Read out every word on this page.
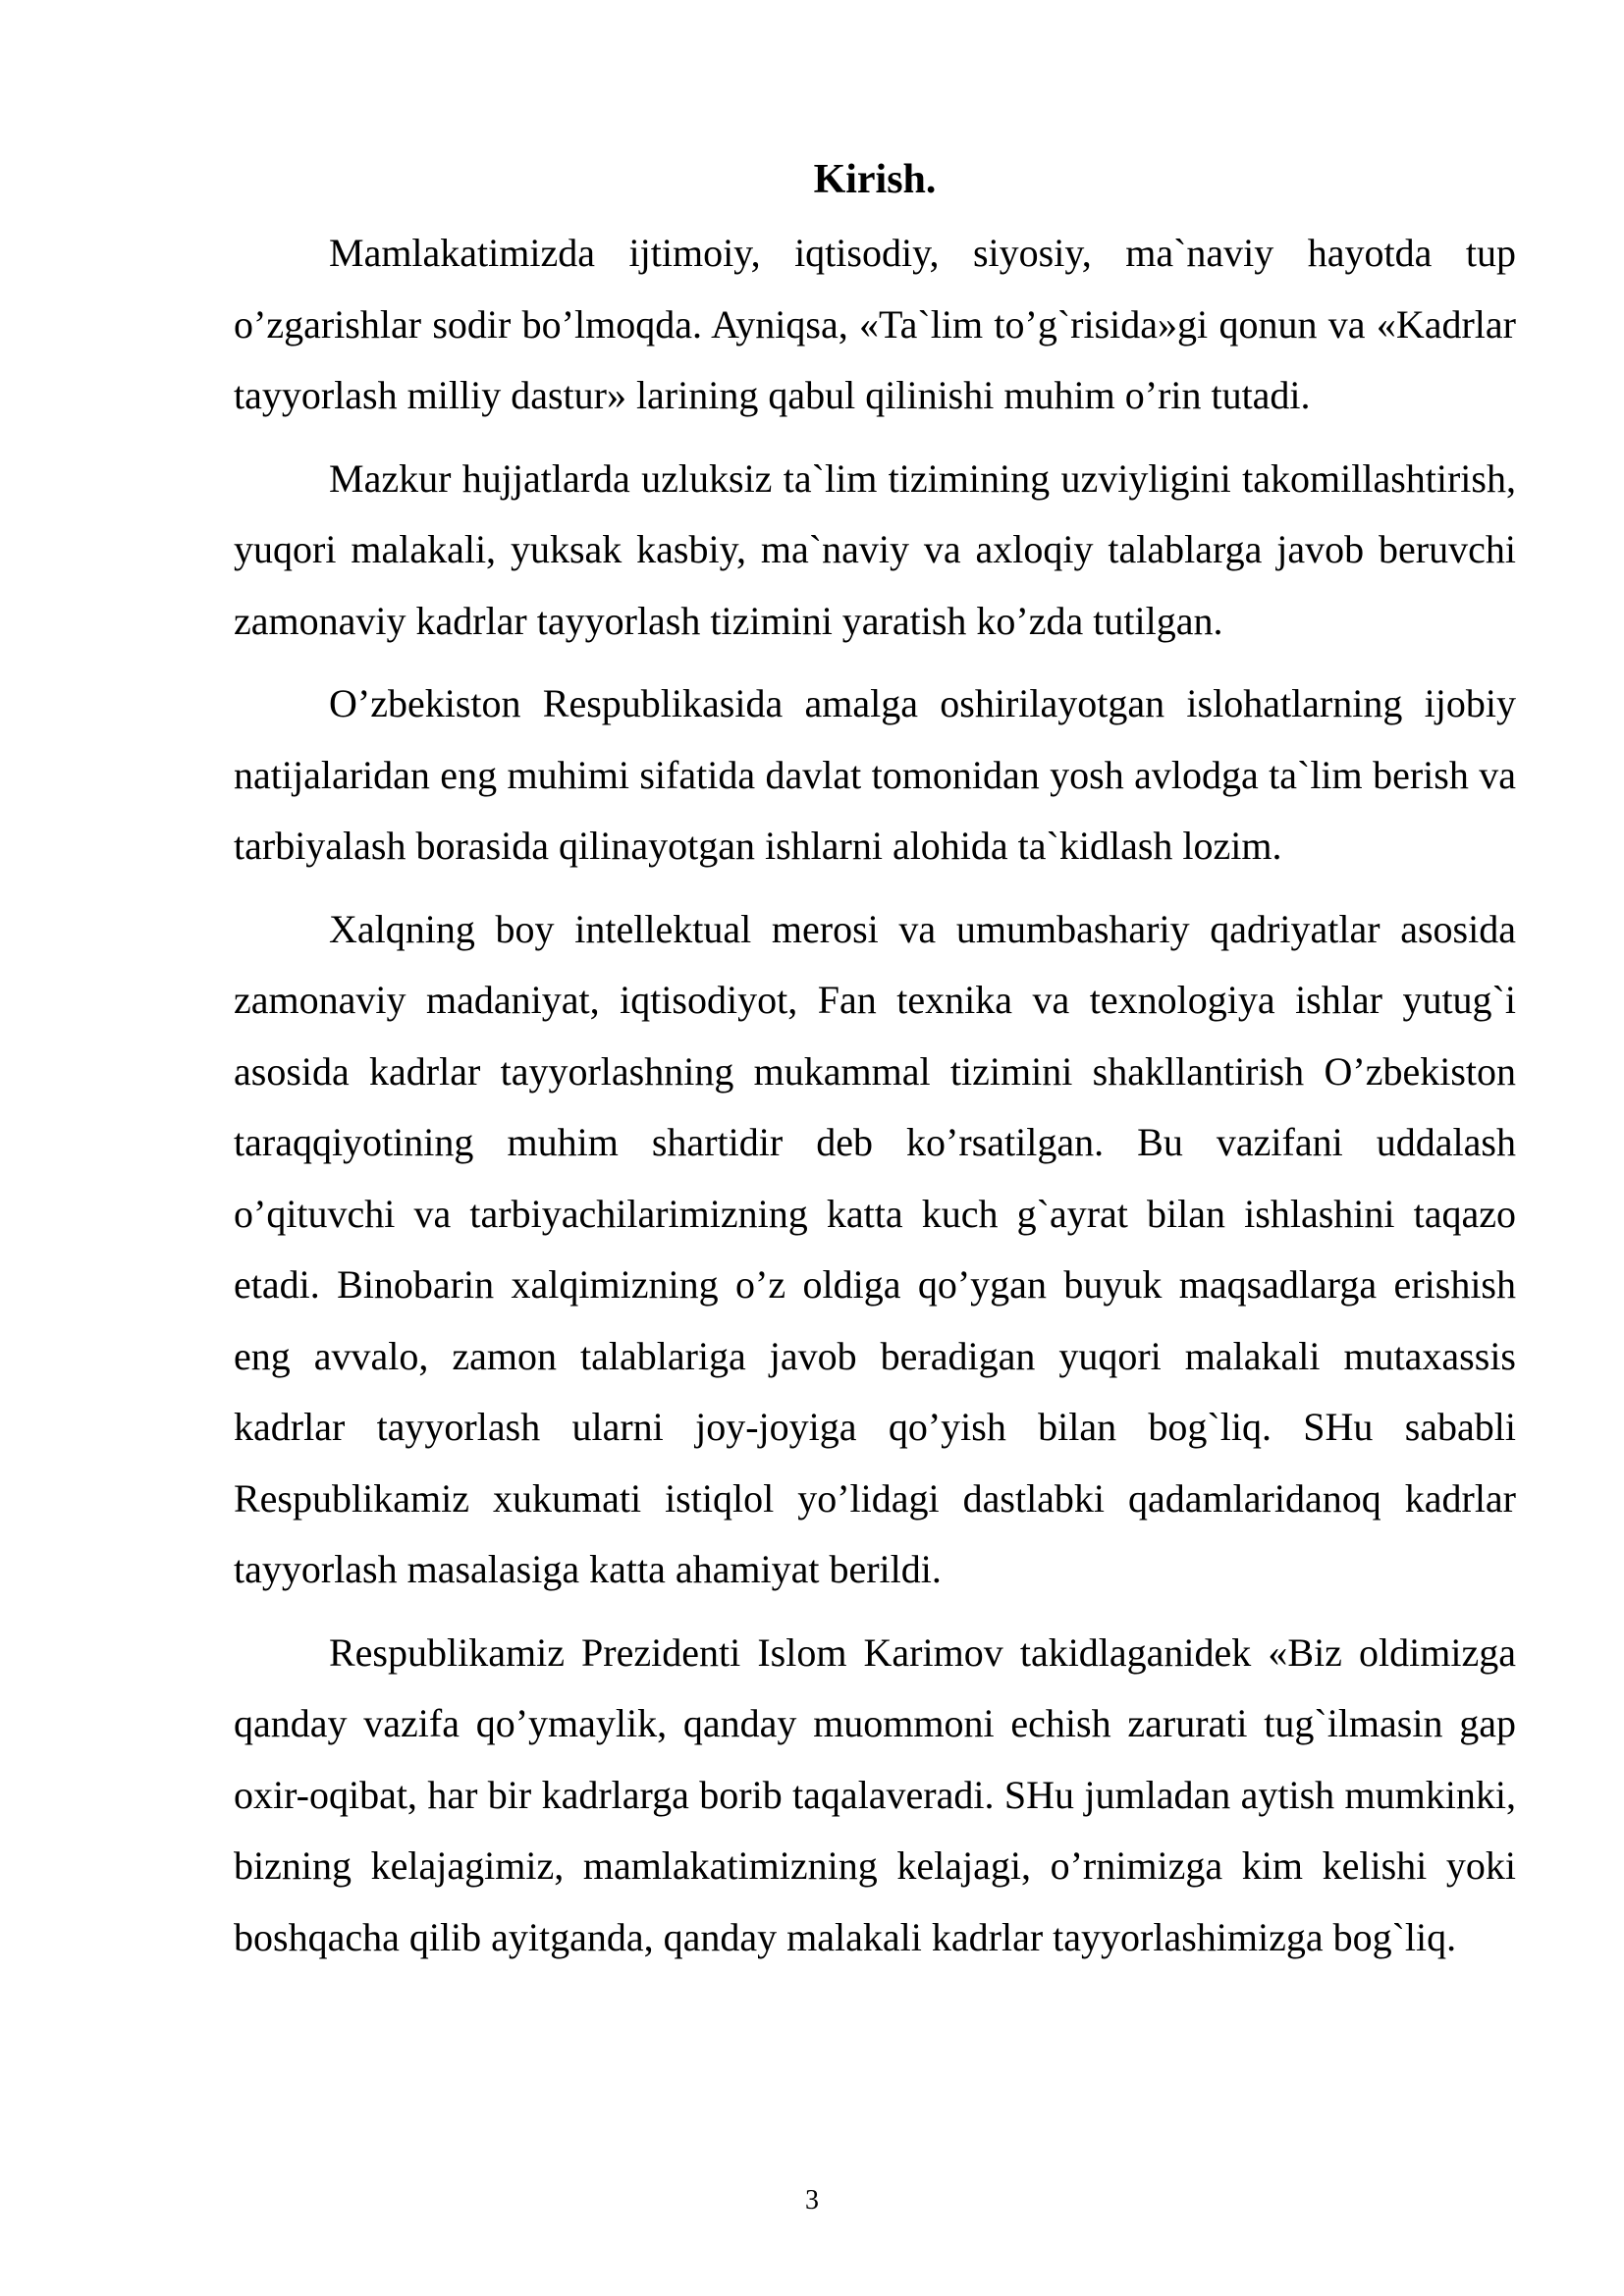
Kirish.

Mamlakatimizda ijtimoiy, iqtisodiy, siyosiy, ma`naviy hayotda tup o’zgarishlar sodir bo’lmoqda. Ayniqsa, «Ta`lim to’g`risida»gi qonun va «Kadrlar tayyorlash milliy dastur» larining qabul qilinishi muhim o’rin tutadi.

Mazkur hujjatlarda uzluksiz ta`lim tizimining uzviyligini takomillashtirish, yuqori malakali, yuksak kasbiy, ma`naviy va axloqiy talablarga javob beruvchi zamonaviy kadrlar tayyorlash tizimini yaratish ko’zda tutilgan.

O’zbekiston Respublikasida amalga oshirilayotgan islohatlarning ijobiy natijalaridan eng muhimi sifatida davlat tomonidan yosh avlodga ta`lim berish va tarbiyalash borasida qilinayotgan ishlarni alohida ta`kidlash lozim.

Xalqning boy intellektual merosi va umumbashariy qadriyatlar asosida zamonaviy madaniyat, iqtisodiyot, Fan texnika va texnologiya ishlar yutug`i asosida kadrlar tayyorlashning mukammal tizimini shakllantirish O’zbekiston taraqqiyotining muhim shartidir deb ko’rsatilgan. Bu vazifani uddalash o’qituvchi va tarbiyachilarimizning katta kuch g`ayrat bilan ishlashini taqazo etadi. Binobarin xalqimizning o’z oldiga qo’ygan buyuk maqsadlarga erishish eng avvalo, zamon talablariga javob beradigan yuqori malakali mutaxassis kadrlar tayyorlash ularni joy-joyiga qo’yish bilan bog`liq. SHu sababli Respublikamiz xukumati istiqlol yo’lidagi dastlabki qadamlaridanoq kadrlar tayyorlash masalasiga katta ahamiyat berildi.

Respublikamiz Prezidenti Islom Karimov takidlaganidek «Biz oldimizga qanday vazifa qo’ymaylik, qanday muommoni echish zarurati tug`ilmasin gap oxir-oqibat, har bir kadrlarga borib taqalaveradi. SHu jumladan aytish mumkinki, bizning kelajagimiz, mamlakatimizning kelajagi, o’rnimizga kim kelishi yoki boshqacha qilib ayitganda, qanday malakali kadrlar tayyorlashimizga bog`liq.

3
